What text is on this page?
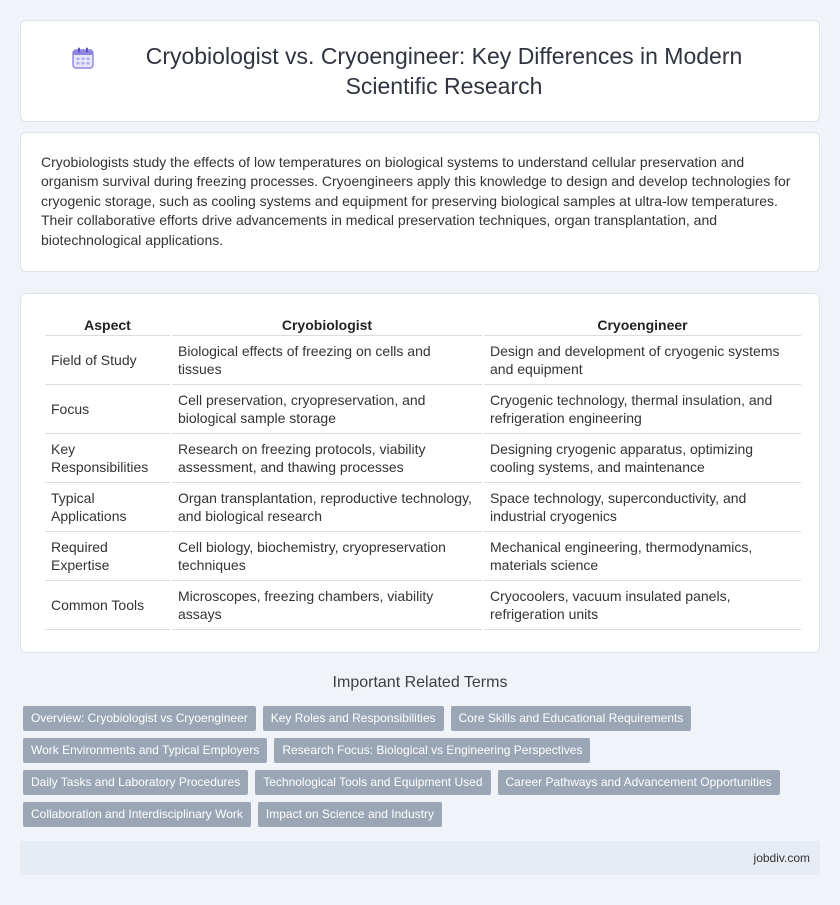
Cryobiologist vs. Cryoengineer: Key Differences in Modern Scientific Research

Cryobiologists study the effects of low temperatures on biological systems to understand cellular preservation and organism survival during freezing processes. Cryoengineers apply this knowledge to design and develop technologies for cryogenic storage, such as cooling systems and equipment for preserving biological samples at ultra-low temperatures. Their collaborative efforts drive advancements in medical preservation techniques, organ transplantation, and biotechnological applications.

Aspect	Cryobiologist	Cryoengineer
Field of Study	Biological effects of freezing on cells and tissues	Design and development of cryogenic systems and equipment
Focus	Cell preservation, cryopreservation, and biological sample storage	Cryogenic technology, thermal insulation, and refrigeration engineering
Key Responsibilities	Research on freezing protocols, viability assessment, and thawing processes	Designing cryogenic apparatus, optimizing cooling systems, and maintenance
Typical Applications	Organ transplantation, reproductive technology, and biological research	Space technology, superconductivity, and industrial cryogenics
Required Expertise	Cell biology, biochemistry, cryopreservation techniques	Mechanical engineering, thermodynamics, materials science
Common Tools	Microscopes, freezing chambers, viability assays	Cryocoolers, vacuum insulated panels, refrigeration units
Important Related Terms
Overview: Cryobiologist vs Cryoengineer	Key Roles and Responsibilities	Core Skills and Educational Requirements
Work Environments and Typical Employers	Research Focus: Biological vs Engineering Perspectives
Daily Tasks and Laboratory Procedures	Technological Tools and Equipment Used	Career Pathways and Advancement Opportunities
Collaboration and Interdisciplinary Work	Impact on Science and Industry
jobdiv.com
